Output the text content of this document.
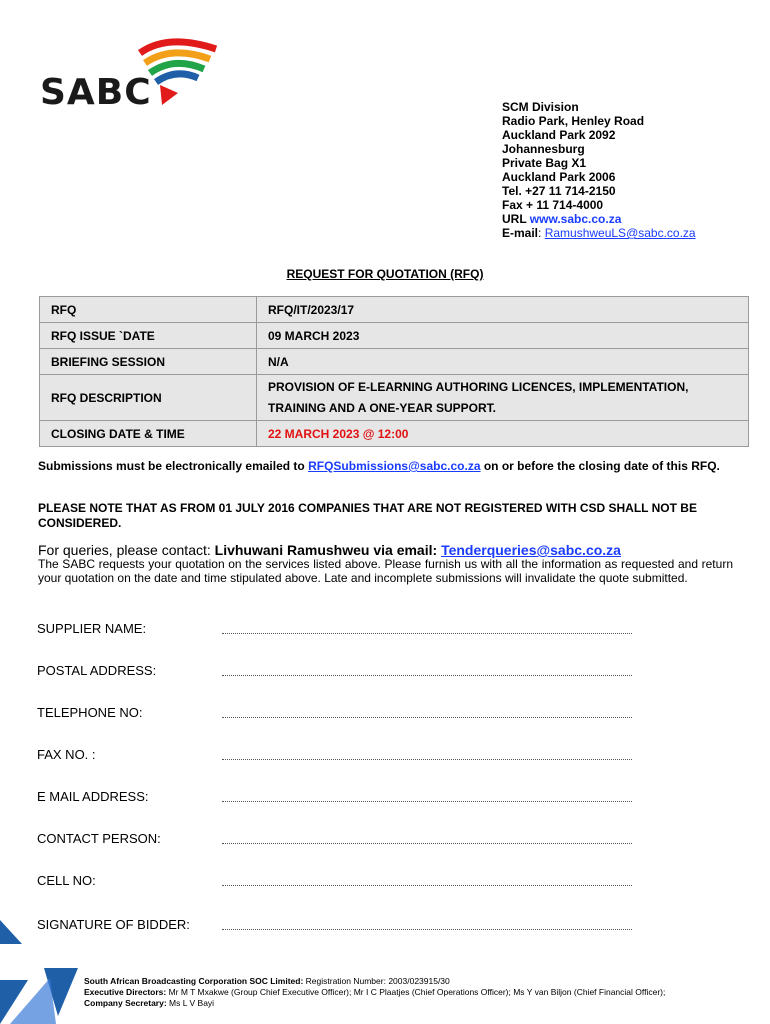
SABC	SCM Division
Radio Park, Henley Road
Auckland Park 2092
Johannesburg
Private Bag X1
Auckland Park 2006
Tel. +27 11 714-2150
Fax + 11 714-4000
URL www.sabc.co.za
E-mail: RamushweuLS@sabc.co.za
REQUEST FOR QUOTATION (RFQ)
RFQ	RFQ/IT/2023/17
RFQ ISSUE `DATE	09 MARCH 2023
BRIEFING SESSION	N/A
RFQ DESCRIPTION	PROVISION OF E-LEARNING AUTHORING LICENCES, IMPLEMENTATION, TRAINING AND A ONE-YEAR SUPPORT.
CLOSING DATE & TIME	22 MARCH 2023 @ 12:00
Submissions must be electronically emailed to RFQSubmissions@sabc.co.za on or before the closing date of this RFQ.
PLEASE NOTE THAT AS FROM 01 JULY 2016 COMPANIES THAT ARE NOT REGISTERED WITH CSD SHALL NOT BE CONSIDERED.
For queries, please contact: Livhuwani Ramushweu via email: Tenderqueries@sabc.co.za
The SABC requests your quotation on the services listed above. Please furnish us with all the information as requested and return your quotation on the date and time stipulated above. Late and incomplete submissions will invalidate the quote submitted.
SUPPLIER NAME:
POSTAL ADDRESS:
TELEPHONE NO:
FAX NO. :
E MAIL ADDRESS:
CONTACT PERSON:
CELL NO:
SIGNATURE OF BIDDER:
South African Broadcasting Corporation SOC Limited: Registration Number: 2003/023915/30
Executive Directors: Mr M T Mxakwe (Group Chief Executive Officer); Mr I C Plaatjes (Chief Operations Officer); Ms Y van Biljon (Chief Financial Officer);
Company Secretary: Ms L V Bayi
